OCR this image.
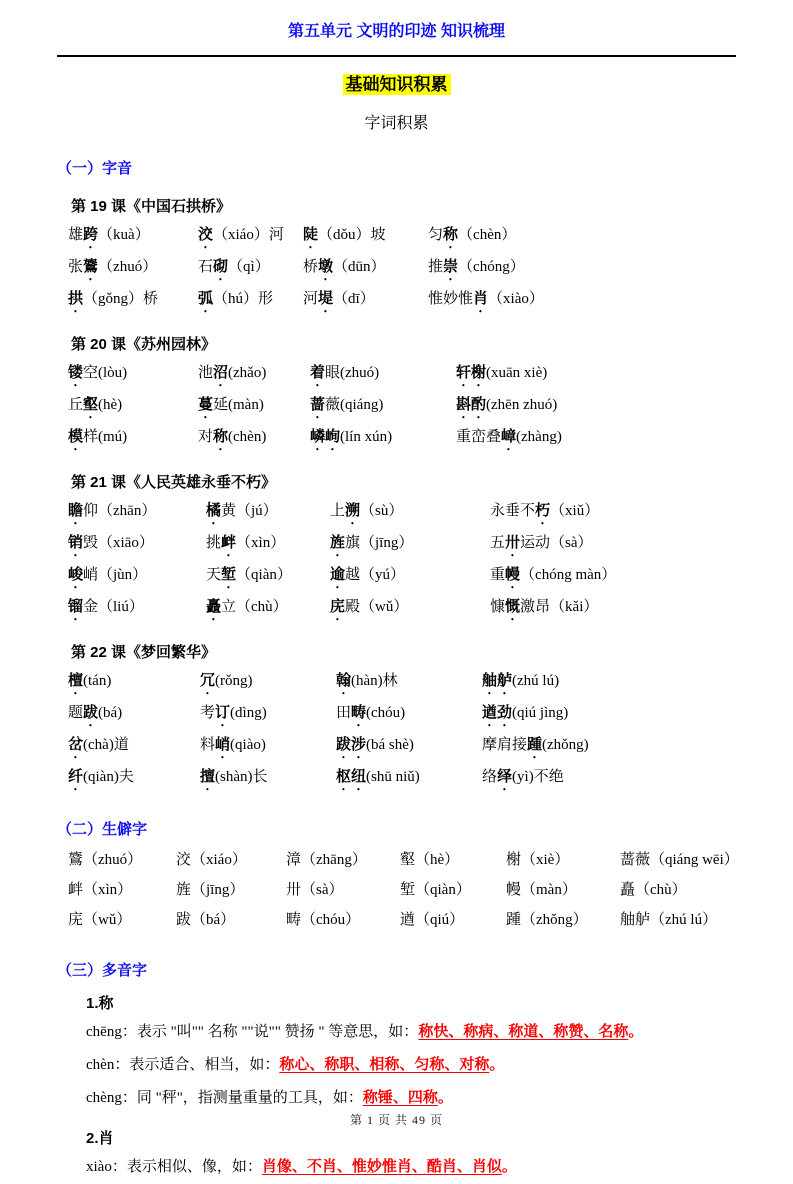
第五单元 文明的印迹 知识梳理
基础知识积累
字词积累
（一）字音
第 19 课《中国石拱桥》
雄跨（kuà）	洨（xiáo）河	陡（dǒu）坡	匀称（chèn）
张鷟（zhuó）	石砌（qì）	桥墩（dūn）	推崇（chóng）
拱（gǒng）桥	弧（hú）形	河堤（dī）	惟妙惟肖（xiào）
第 20 课《苏州园林》
镂空(lòu)	池沼(zhǎo)	着眼(zhuó)	轩榭(xuān xiè)
丘壑(hè)	蔓延(màn)	蔷薇(qiáng)	斟酌(zhēn zhuó)
模样(mú)	对称(chèn)	嶙峋(lín xún)	重峦叠嶂(zhàng)
第 21 课《人民英雄永垂不朽》
瞻仰（zhān）	橘黄（jú）	上溯（sù）	永垂不朽（xiǔ）
销毁（xiāo）	挑衅（xìn）	旌旗（jīng）	五卅运动（sà）
峻峭（jùn）	天堑（qiàn）	逾越（yú）	重幔（chóng màn）
镏金（liú）	矗立（chù）	庑殿（wǔ）	慷慨激昂（kǎi）
第 22 课《梦回繁华》
檀(tán)	冗(rǒng)	翰(hàn)林	舳舻(zhú lú)
题跋(bá)	考订(dìng)	田畴(chóu)	遒劲(qiú jìng)
岔(chà)道	料峭(qiào)	跋涉(bá shè)	摩肩接踵(zhǒng)
纤(qiàn)夫	擅(shàn)长	枢纽(shū niǔ)	络绎(yì)不绝
（二）生僻字
鷟（zhuó）	洨（xiáo）	漳（zhāng）	壑（hè）	榭（xiè）	蔷薇（qiáng wēi）
衅（xìn）	旌（jīng）	卅（sà）	堑（qiàn）	幔（màn）	矗（chù）
庑（wǔ）	跋（bá）	畴（chóu）	遒（qiú）	踵（zhǒng）	舳舻（zhú lú）
（三）多音字
1.称

chēng：表示 "叫"" 名称 ""说"" 赞扬 " 等意思，如：称快、称病、称道、称赞、名称。

chèn：表示适合、相当，如：称心、称职、相称、匀称、对称。

chèng：同 "秤"，指测量重量的工具，如：称锤、四称。

2.肖

xiào：表示相似、像，如：肖像、不肖、惟妙惟肖、酷肖、肖似。

第 1 页 共 49 页
